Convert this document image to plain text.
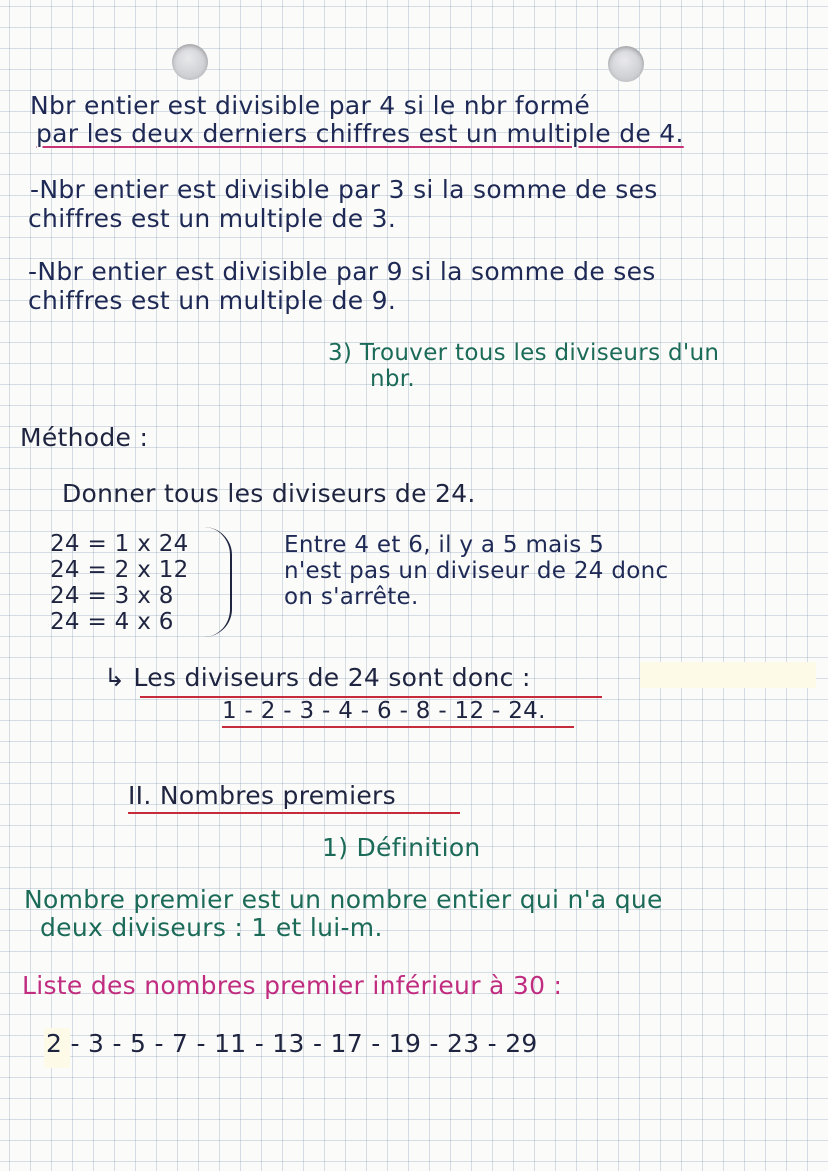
Nbr entier est divisible par 4 si le nbr formé
par les deux derniers chiffres est un multiple de 4.
-Nbr entier est divisible par 3 si la somme de ses
chiffres est un multiple de 3.
-Nbr entier est divisible par 9 si la somme de ses
chiffres est un multiple de 9.
3) Trouver tous les diviseurs d'un
nbr.
Méthode :
Donner tous les diviseurs de 24.
24 = 1 x 24
24 = 2 x 12
24 = 3 x 8
24 = 4 x 6
Entre 4 et 6, il y a 5 mais 5
n'est pas un diviseur de 24 donc
on s'arrête.
↳ Les diviseurs de 24 sont donc :
1 - 2 - 3 - 4 - 6 - 8 - 12 - 24.
II. Nombres premiers
1) Définition
Nombre premier est un nombre entier qui n'a que
deux diviseurs : 1 et lui-m.
Liste des nombres premier inférieur à 30 :
2 - 3 - 5 - 7 - 11 - 13 - 17 - 19 - 23 - 29
